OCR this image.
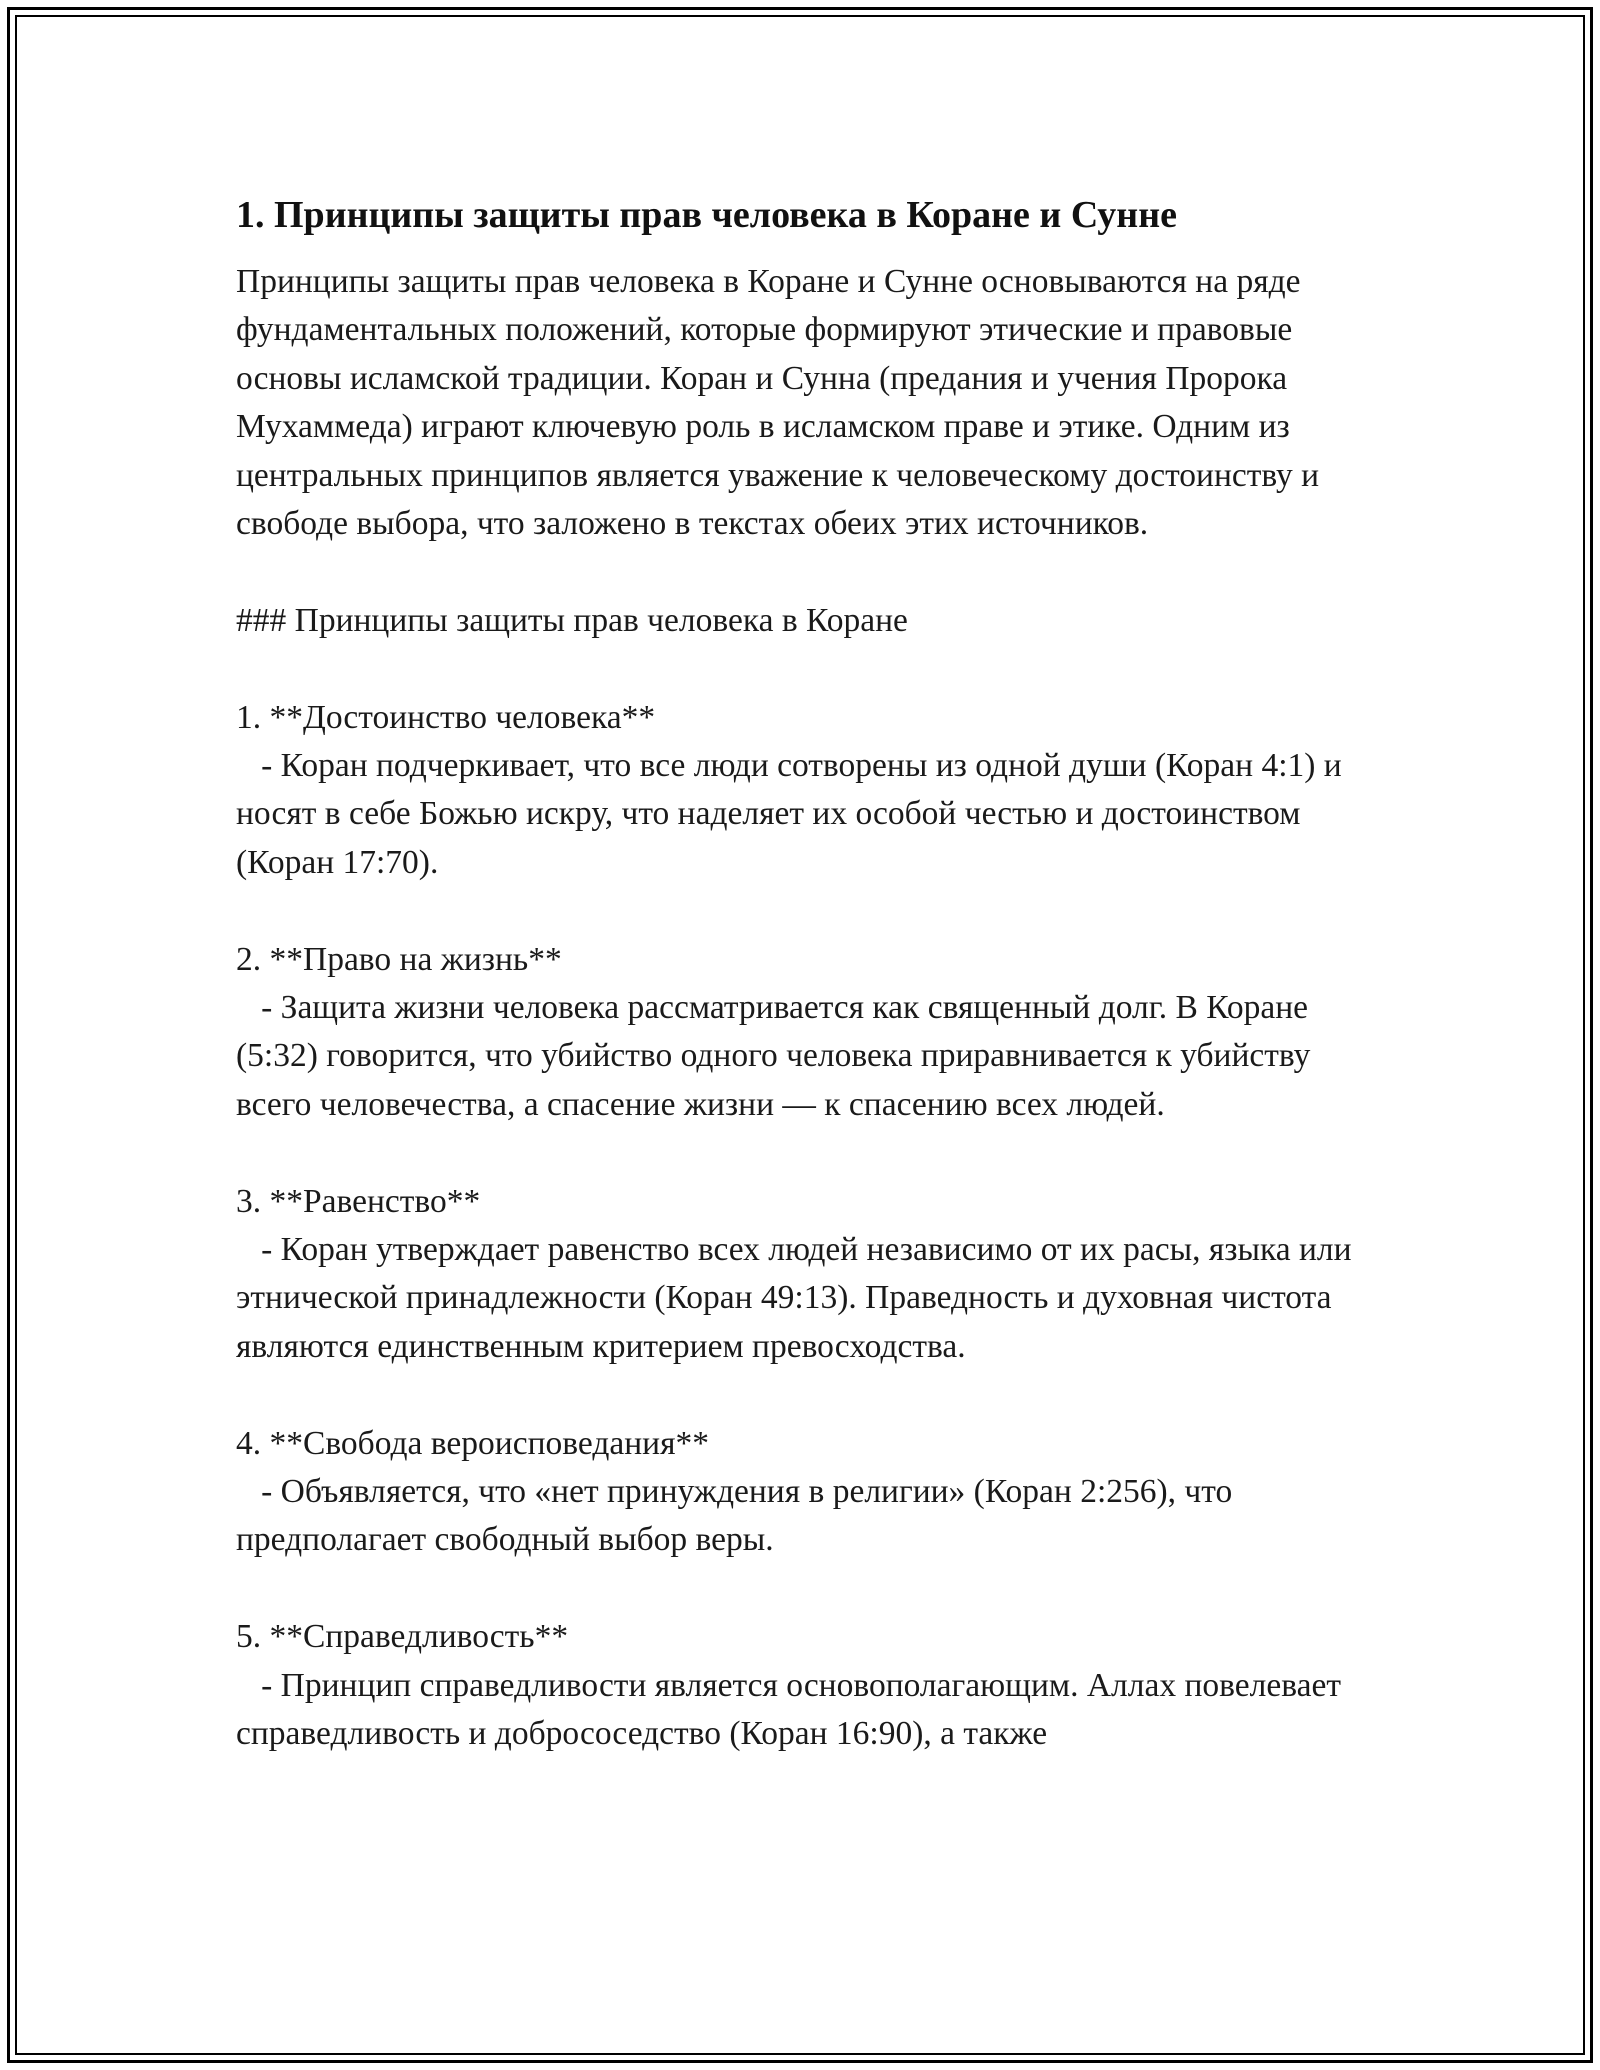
1. Принципы защиты прав человека в Коране и Сунне

Принципы защиты прав человека в Коране и Сунне основываются на ряде фундаментальных положений, которые формируют этические и правовые основы исламской традиции. Коран и Сунна (предания и учения Пророка Мухаммеда) играют ключевую роль в исламском праве и этике. Одним из центральных принципов является уважение к человеческому достоинству и свободе выбора, что заложено в текстах обеих этих источников.

### Принципы защиты прав человека в Коране

1. **Достоинство человека**

- Коран подчеркивает, что все люди сотворены из одной души (Коран 4:1) и носят в себе Божью искру, что наделяет их особой честью и достоинством (Коран 17:70).

2. **Право на жизнь**

- Защита жизни человека рассматривается как священный долг. В Коране (5:32) говорится, что убийство одного человека приравнивается к убийству всего человечества, а спасение жизни — к спасению всех людей.

3. **Равенство**

- Коран утверждает равенство всех людей независимо от их расы, языка или этнической принадлежности (Коран 49:13). Праведность и духовная чистота являются единственным критерием превосходства.

4. **Свобода вероисповедания**

- Объявляется, что «нет принуждения в религии» (Коран 2:256), что предполагает свободный выбор веры.

5. **Справедливость**

- Принцип справедливости является основополагающим. Аллах повелевает справедливость и добрососедство (Коран 16:90), а также
